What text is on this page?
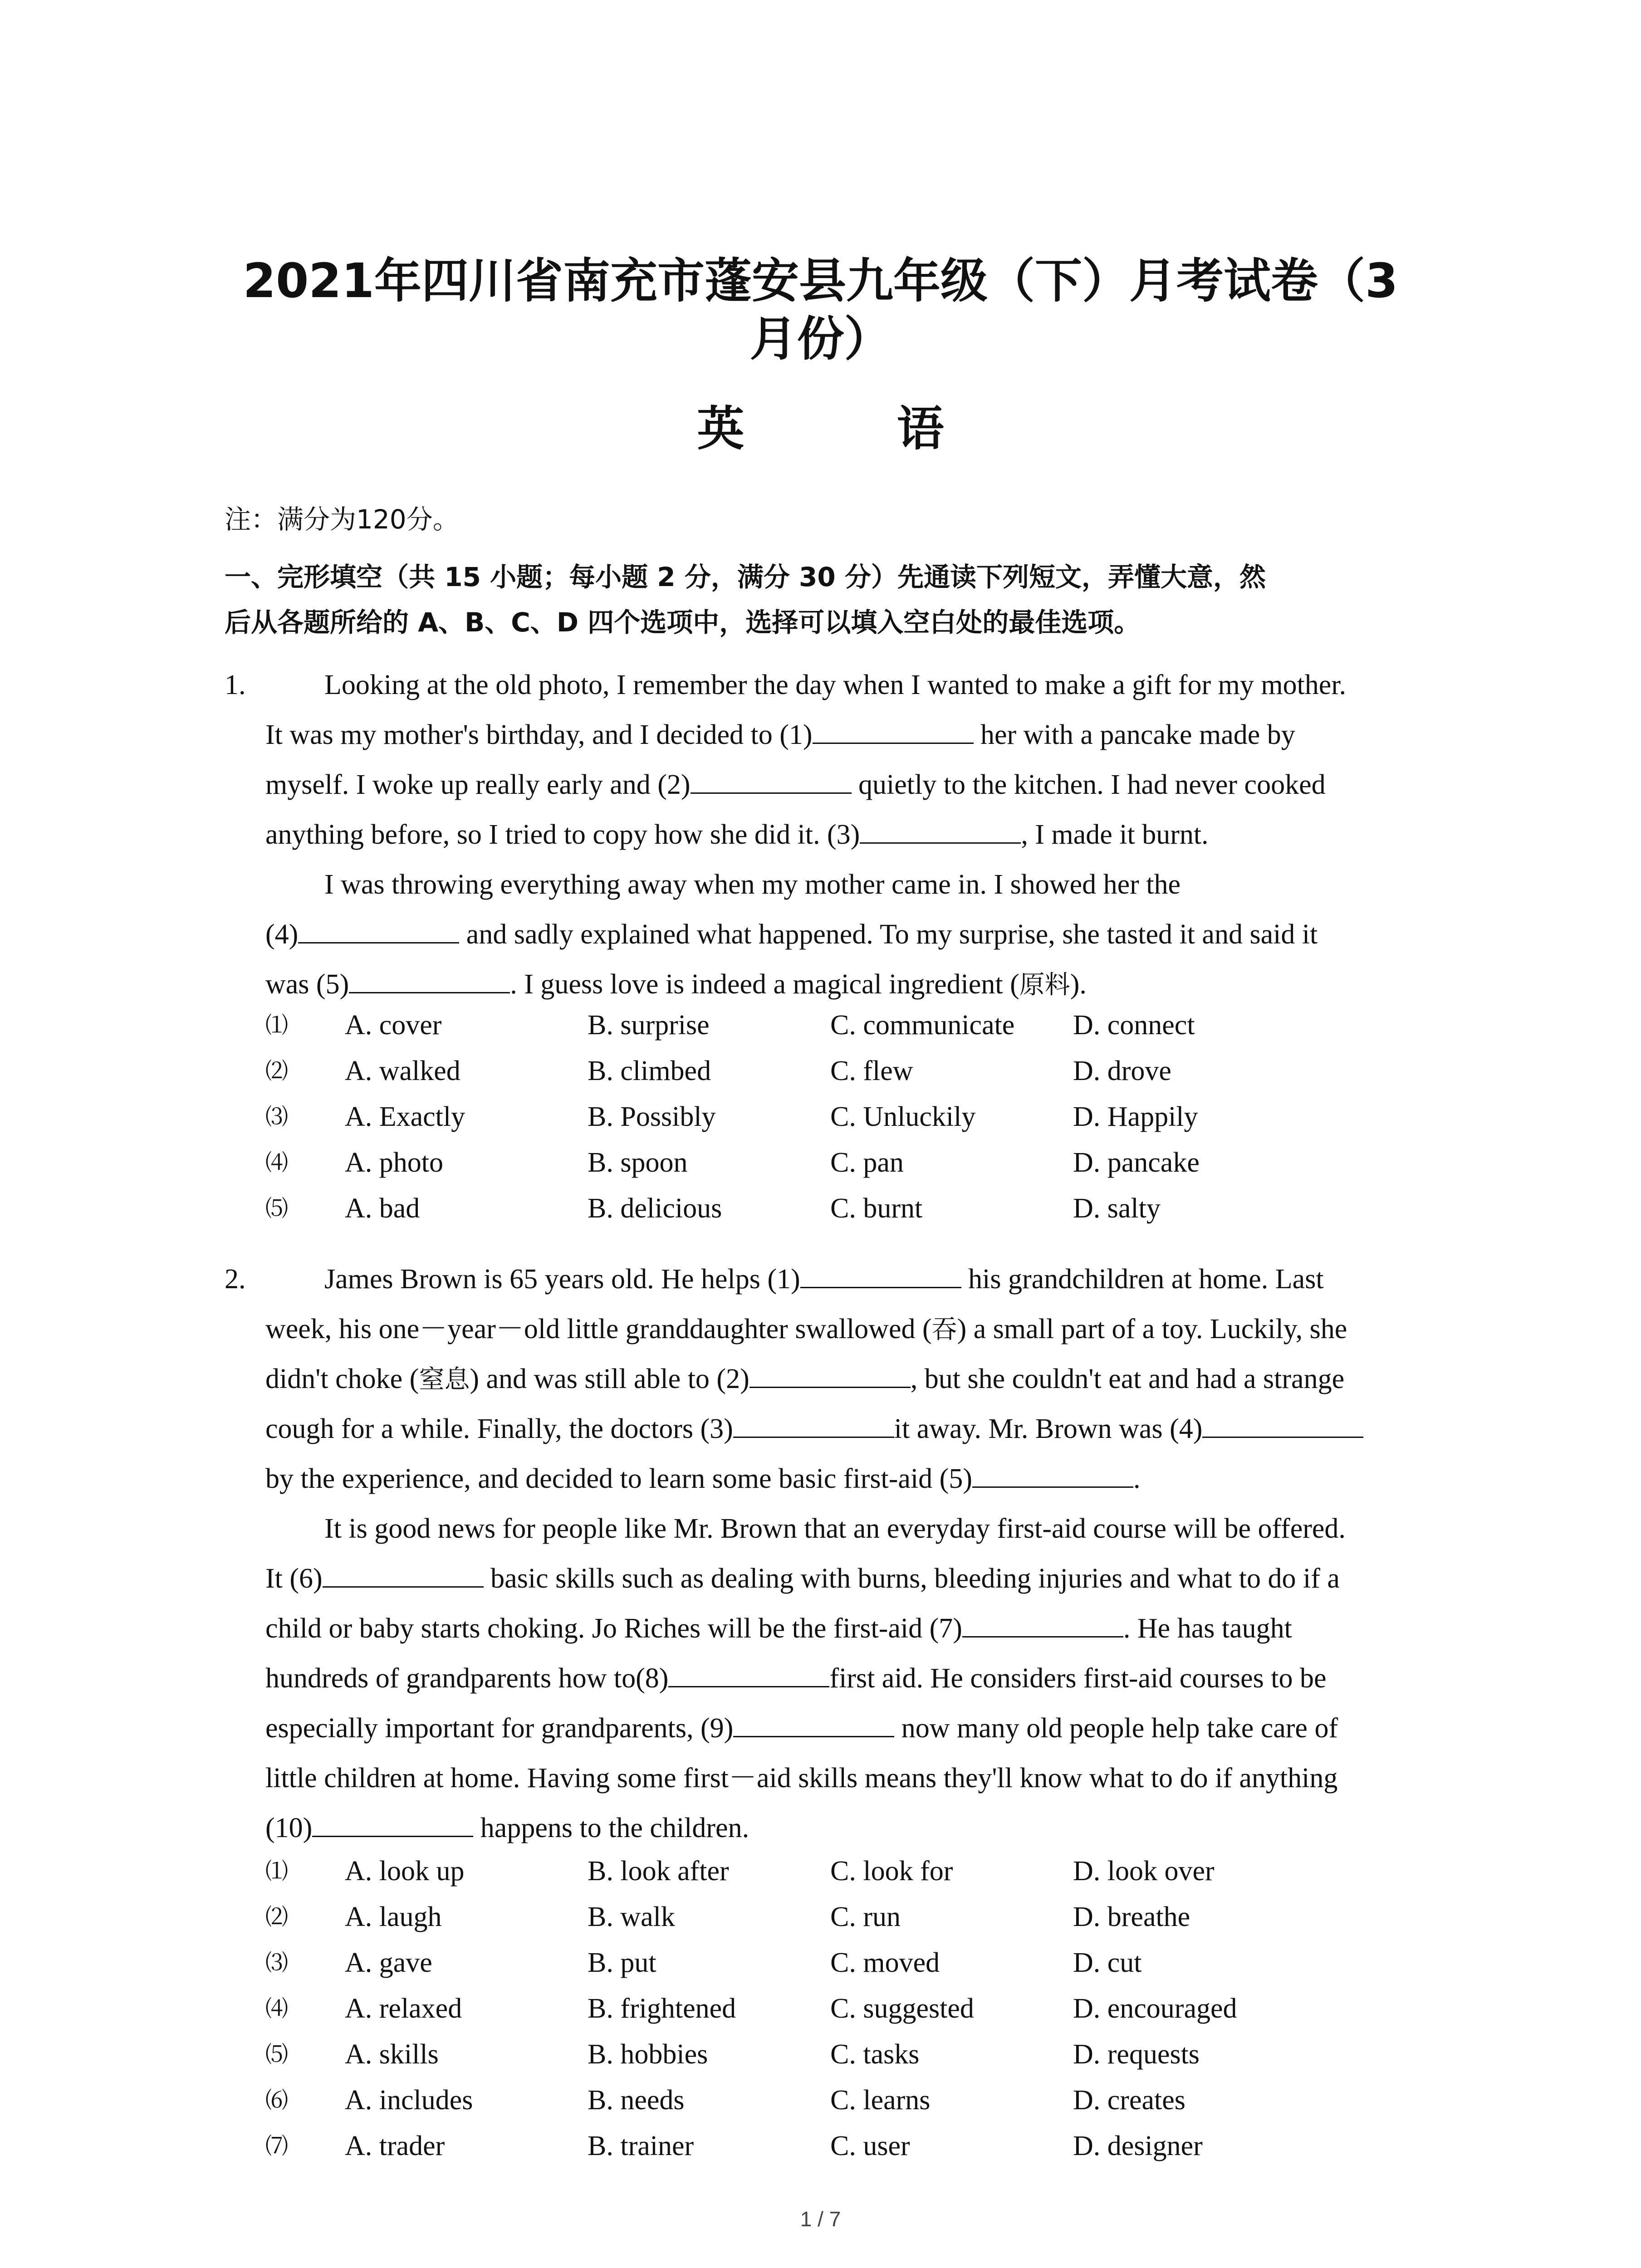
2021年四川省南充市蓬安县九年级（下）月考试卷（3
月份）
英 语
注：满分为120分。
一、完形填空（共 15 小题；每小题 2 分，满分 30 分）先通读下列短文，弄懂大意，然
后从各题所给的 A、B、C、D 四个选项中，选择可以填入空白处的最佳选项。
1.	Looking at the old photo, I remember the day when I wanted to make a gift for my mother.
It was my mother's birthday, and I decided to (1)	her with a pancake made by
myself. I woke up really early and (2)	quietly to the kitchen. I had never cooked
anything before, so I tried to copy how she did it. (3)	, I made it burnt.
I was throwing everything away when my mother came in. I showed her the
(4)	and sadly explained what happened. To my surprise, she tasted it and said it
was (5)	. I guess love is indeed a magical ingredient (原料).
⑴ A. cover	B. surprise	C. communicate D. connect
⑵ A. walked	B. climbed	C. flew	D. drove
⑶ A. Exactly	B. Possibly	C. Unluckily	D. Happily
⑷ A. photo	B. spoon	C. pan	D. pancake
⑸ A. bad	B. delicious	C. burnt	D. salty
2.	James Brown is 65 years old. He helps (1)	his grandchildren at home. Last
week, his one－year－old little granddaughter swallowed (吞) a small part of a toy. Luckily, she
didn't choke (窒息) and was still able to (2)	, but she couldn't eat and had a strange
cough for a while. Finally, the doctors (3)	it away. Mr. Brown was (4)
by the experience, and decided to learn some basic first-aid (5)	.
It is good news for people like Mr. Brown that an everyday first-aid course will be offered.
It (6)	basic skills such as dealing with burns, bleeding injuries and what to do if a
child or baby starts choking. Jo Riches will be the first-aid (7)	. He has taught
hundreds of grandparents how to(8)	first aid. He considers first-aid courses to be
especially important for grandparents, (9)	now many old people help take care of
little children at home. Having some first－aid skills means they'll know what to do if anything
(10)	happens to the children.
⑴ A. look up	B. look after	C. look for	D. look over
⑵ A. laugh	B. walk	C. run	D. breathe
⑶ A. gave	B. put	C. moved	D. cut
⑷ A. relaxed	B. frightened	C. suggested	D. encouraged
⑸ A. skills	B. hobbies	C. tasks	D. requests
⑹ A. includes	B. needs	C. learns	D. creates
⑺ A. trader	B. trainer	C. user	D. designer
1 / 7
